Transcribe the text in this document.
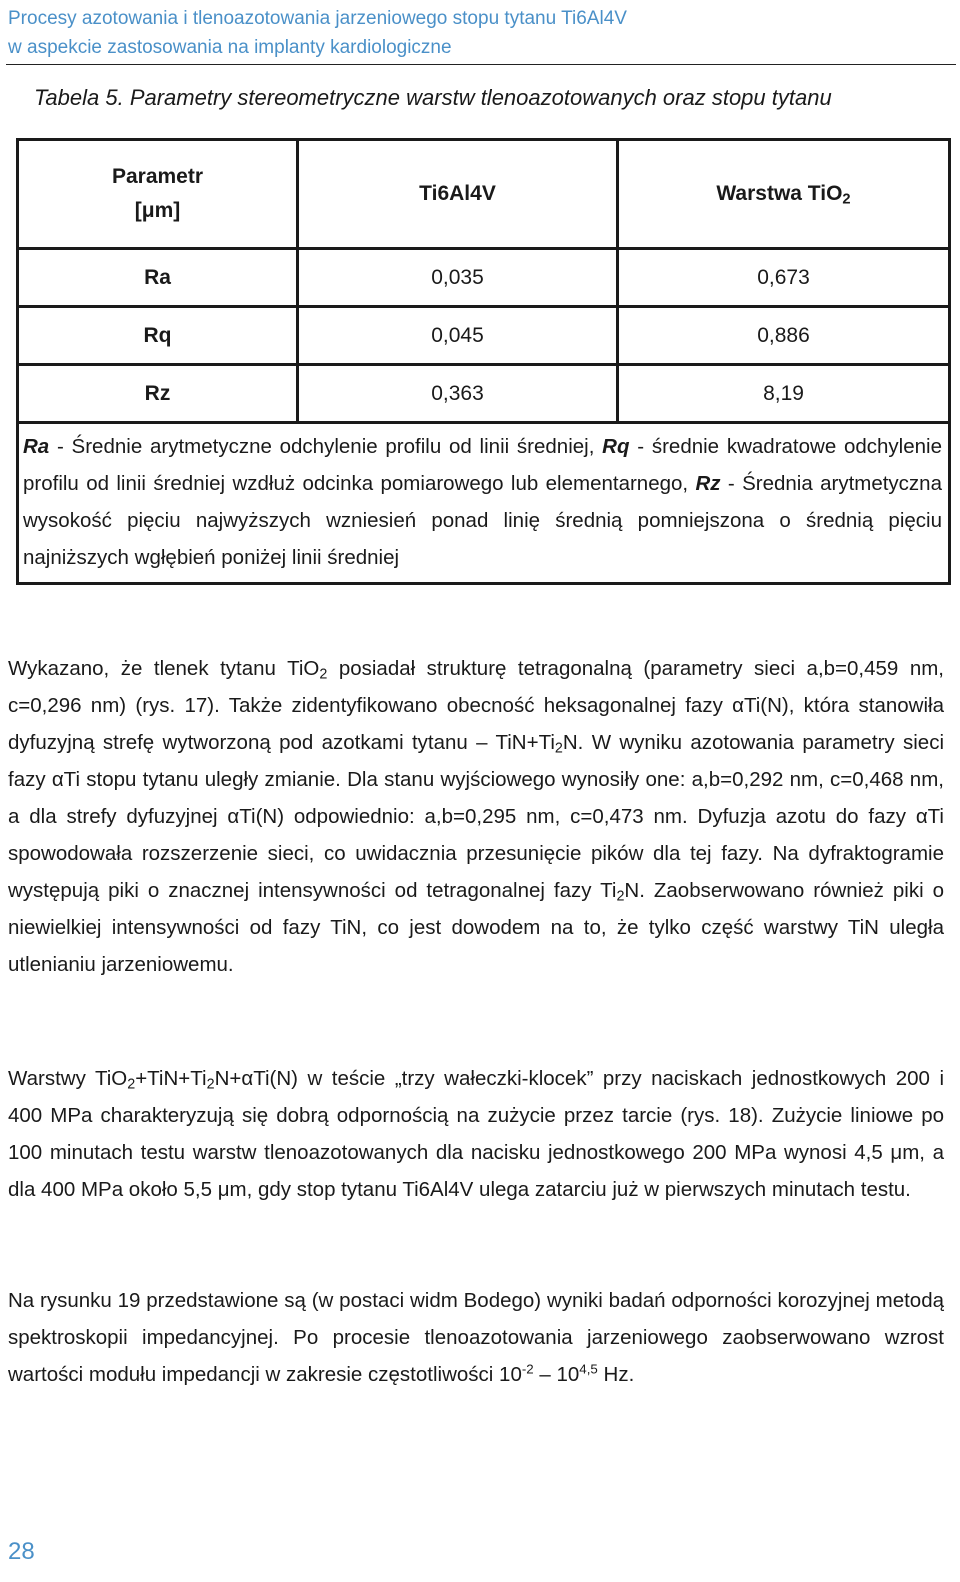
Procesy azotowania i tlenoazotowania jarzeniowego stopu tytanu Ti6Al4V
w aspekcie zastosowania na implanty kardiologiczne
Tabela 5. Parametry stereometryczne warstw tlenoazotowanych oraz stopu tytanu
Parametr
[μm]	Ti6Al4V	Warstwa TiO$_2$
Ra	0,035	0,673
Rq	0,045	0,886
Rz	0,363	8,19
Ra - Średnie arytmetyczne odchylenie profilu od linii średniej, Rq - średnie kwadratowe odchylenie profilu od linii średniej wzdłuż odcinka pomiarowego lub elementarnego, Rz - Średnia arytmetyczna wysokość pięciu najwyższych wzniesień ponad linię średnią pomniejszona o średnią pięciu najniższych wgłębień poniżej linii średniej		

Wykazano, że tlenek tytanu TiO$_2$ posiadał strukturę tetragonalną (parametry sieci a,b=0,459 nm, c=0,296 nm) (rys. 17). Także zidentyfikowano obecność heksagonalnej fazy αTi(N), która stanowiła dyfuzyjną strefę wytworzoną pod azotkami $tytanu - TiN+Ti_2N$. W wyniku azotowania parametry sieci fazy αTi stopu tytanu uległy zmianie. Dla stanu wyjściowego wynosiły one: a,b=0,292 nm, c=0,468 nm, a dla strefy dyfuzyjnej αTi(N) odpowiednio: a,b=0,295 nm, c=0,473 nm. Dyfuzja azotu do fazy αTi spowodowała rozszerzenie sieci, co uwidacznia przesunięcie pików dla tej fazy. Na dyfraktogramie występują piki o znacznej intensywności od tetragonalnej fazy $Ti_2N$. Zaobserwowano również piki o niewielkiej intensywności od fazy TiN, co jest dowodem na to, że tylko część warstwy TiN uległa utlenianiu jarzeniowemu.

Warstwy $TiO_2+TiN+Ti_2N+\alpha Ti(N)$ w teście „trzy wałeczki-klocek” przy naciskach jednostkowych 200 i 400 MPa charakteryzują się dobrą odpornością na zużycie przez tarcie (rys. 18). Zużycie liniowe po 100 minutach testu warstw tlenoazotowanych dla nacisku jednostkowego 200 MPa wynosi 4,5 μm, a dla 400 MPa około 5,5 μm, gdy stop tytanu Ti6Al4V ulega zatarciu już w pierwszych minutach testu.

Na rysunku 19 przedstawione są (w postaci widm Bodego) wyniki badań odporności korozyjnej metodą spektroskopii impedancyjnej. Po procesie tlenoazotowania jarzeniowego zaobserwowano wzrost wartości modułu impedancji w zakresie częstotliwości $10^{-2} - 10^{4,5}$ Hz.

28
